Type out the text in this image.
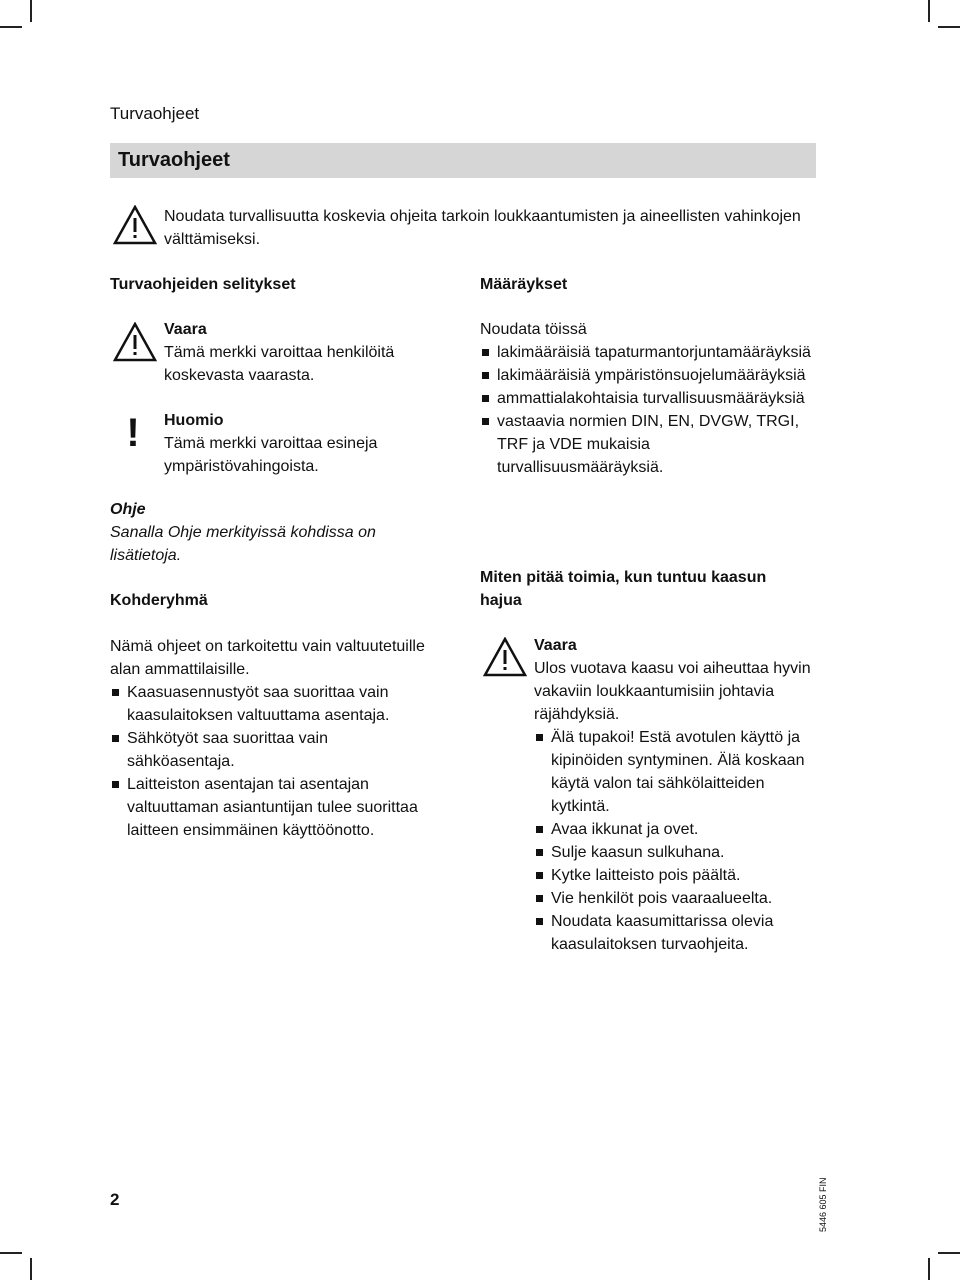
Turvaohjeet
Turvaohjeet
Noudata turvallisuutta koskevia ohjeita tarkoin loukkaantumisten ja aineellisten vahinkojen välttämiseksi.

Turvaohjeiden selitykset

Vaara

Tämä merkki varoittaa henkilöitä koskevasta vaarasta.

!	Huomio

Tämä merkki varoittaa esineja ympäristövahingoista.

Ohje

Sanalla Ohje merkityissä kohdissa on lisätietoja.

Kohderyhmä

Nämä ohjeet on tarkoitettu vain valtuutetuille alan ammattilaisille.

Kaasuasennustyöt saa suorittaa vain kaasulaitoksen valtuuttama asentaja.
Sähkötyöt saa suorittaa vain sähköasentaja.
Laitteiston asentajan tai asentajan valtuuttaman asiantuntijan tulee suorittaa laitteen ensimmäinen käyttöönotto.

Määräykset

Noudata töissä

lakimääräisiä tapaturmantorjuntamääräyksiä
lakimääräisiä ympäristönsuojelumääräyksiä
ammattialakohtaisia turvallisuusmääräyksiä
vastaavia normien DIN, EN, DVGW, TRGI, TRF ja VDE mukaisia turvallisuusmääräyksiä.

Miten pitää toimia, kun tuntuu kaasun hajua

Vaara

Ulos vuotava kaasu voi aiheuttaa hyvin vakaviin loukkaantumisiin johtavia räjähdyksiä.

Älä tupakoi! Estä avotulen käyttö ja kipinöiden syntyminen. Älä koskaan käytä valon tai sähkölaitteiden kytkintä.
Avaa ikkunat ja ovet.
Sulje kaasun sulkuhana.
Kytke laitteisto pois päältä.
Vie henkilöt pois vaaraalueelta.
Noudata kaasumittarissa olevia kaasulaitoksen turvaohjeita.
5446 605 FIN
2
